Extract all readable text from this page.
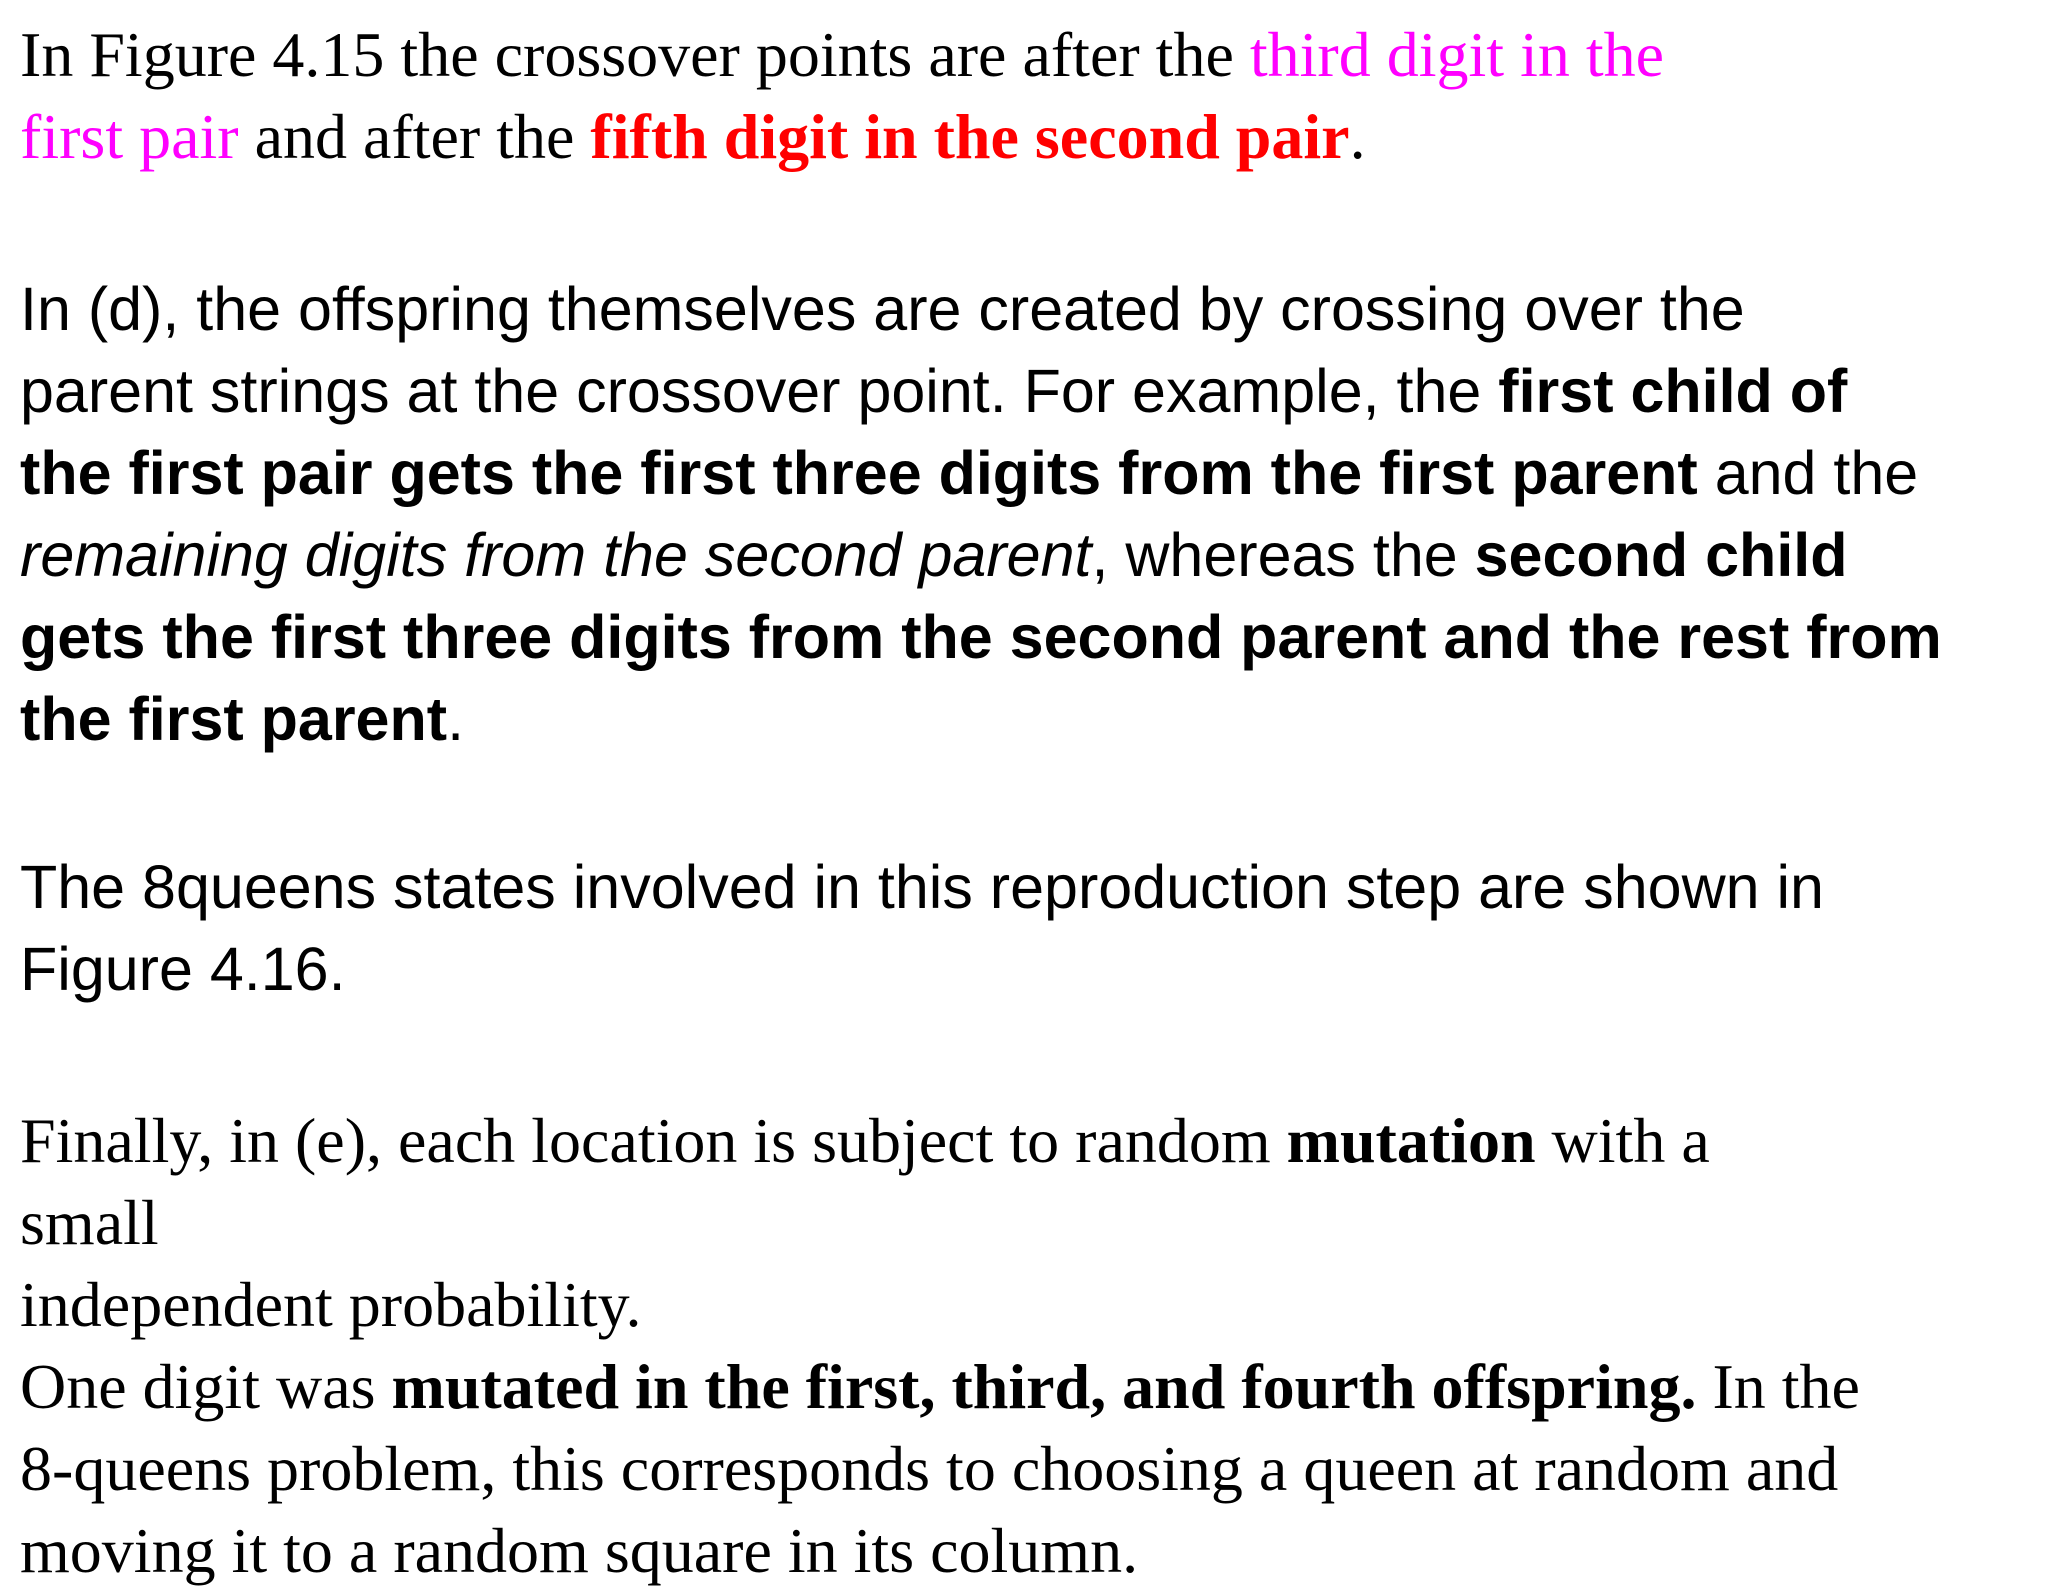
In Figure 4.15 the crossover points are after the third digit in the
first pair and after the fifth digit in the second pair.
In (d), the offspring themselves are created by crossing over the
parent strings at the crossover point. For example, the first child of
the first pair gets the first three digits from the first parent and the
remaining digits from the second parent, whereas the second child
gets the first three digits from the second parent and the rest from
the first parent.
The 8queens states involved in this reproduction step are shown in
Figure 4.16.
Finally, in (e), each location is subject to random mutation with a
small
independent probability.
One digit was mutated in the first, third, and fourth offspring. In the
8-queens problem, this corresponds to choosing a queen at random and
moving it to a random square in its column.
